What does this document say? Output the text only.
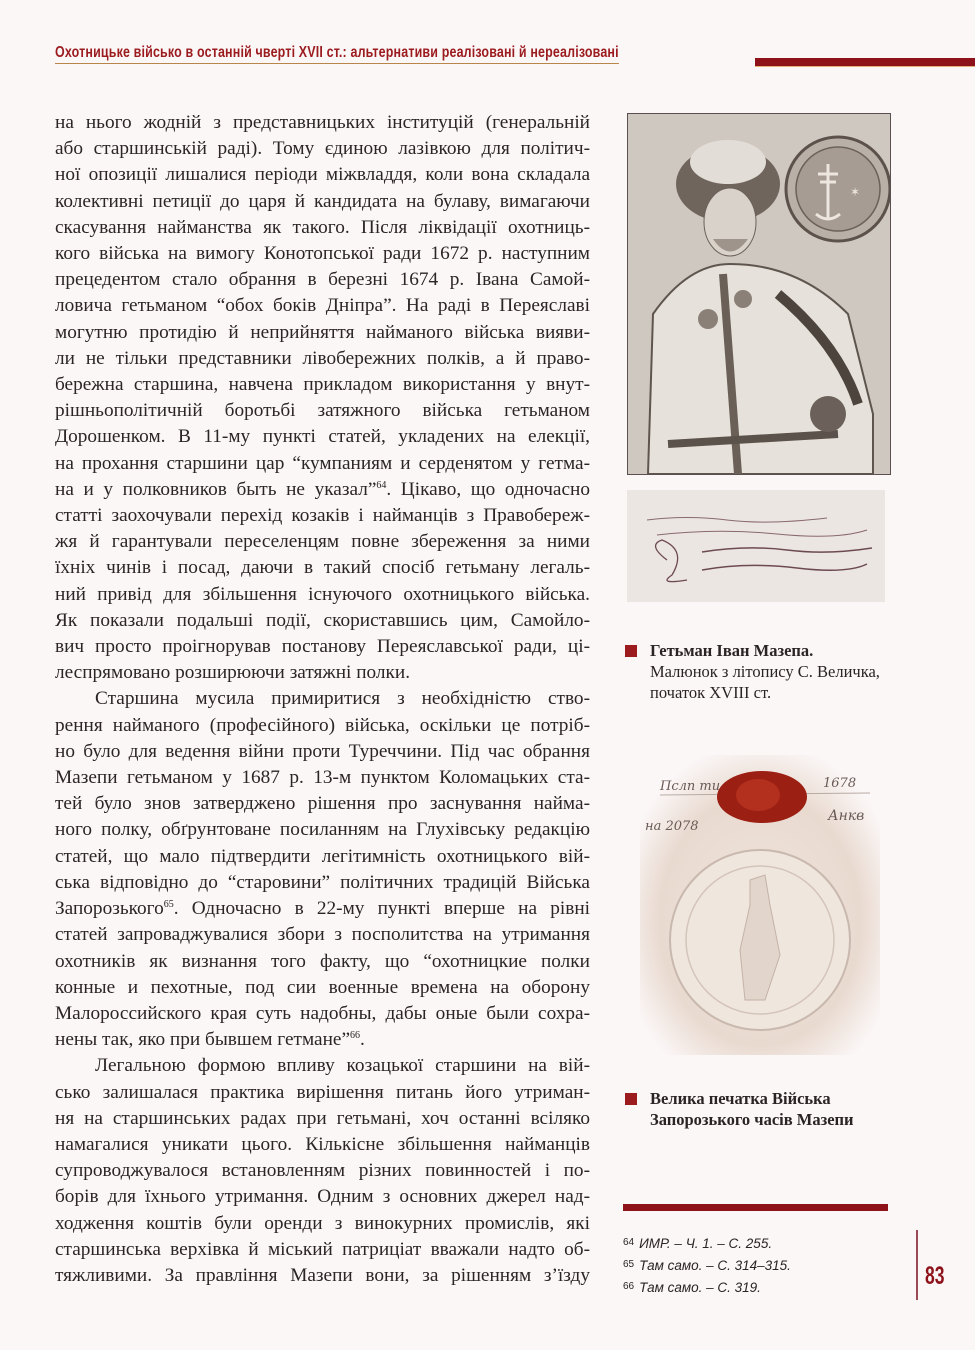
Охотницьке військо в останній чверті XVII ст.: альтернативи реалізовані й нереалізовані

на нього жодній з представницьких інституцій (генеральній
або старшинській раді). Тому єдиною лазівкою для політич-
ної опозиції лишалися періоди міжвладдя, коли вона складала
колективні петиції до царя й кандидата на булаву, вимагаючи
скасування найманства як такого. Після ліквідації охотниць-
кого війська на вимогу Конотопської ради 1672 р. наступним
прецедентом стало обрання в березні 1674 р. Івана Самой-
ловича гетьманом “обох боків Дніпра”. На раді в Переяславі
могутню протидію й неприйняття найманого війська вияви-
ли не тільки представники лівобережних полків, а й право-
бережна старшина, навчена прикладом використання у внут-
рішньополітичній боротьбі затяжного війська гетьманом
Дорошенком. В 11-му пункті статей, укладених на елекції,
на прохання старшини цар “кумпаниям и серденятом у гетма-
на и у полковников быть не указал”$^{64}$. Цікаво, що одночасно
статті заохочували перехід козаків і найманців з Правобереж-
жя й гарантували переселенцям повне збереження за ними
їхніх чинів і посад, даючи в такий спосіб гетьману легаль-
ний привід для збільшення існуючого охотницького війська.
Як показали подальші події, скориставшись цим, Самойло-
вич просто проігнорував постанову Переяславської ради, ці-
леспрямовано розширюючи затяжні полки.

Старшина мусила примиритися з необхідністю ство-
рення найманого (професійного) війська, оскільки це потріб-
но було для ведення війни проти Туреччини. Під час обрання
Мазепи гетьманом у 1687 р. 13-м пунктом Коломацьких ста-
тей було знов затверджено рішення про заснування найма-
ного полку, обґрунтоване посиланням на Глухівську редакцію
статей, що мало підтвердити легітимність охотницького вій-
ська відповідно до “старовини” політичних традицій Війська
Запорозького$^{65}$. Одночасно в 22-му пункті вперше на рівні
статей запроваджувалися збори з посполитства на утримання
охотників як визнання того факту, що “охотницкие полки
конные и пехотные, под сии военные времена на оборону
Малороссийского края суть надобны, дабы оные были сохра-
нены так, яко при бывшем гетмане”$^{66}$.

Легальною формою впливу козацької старшини на вій-
сько залишалася практика вирішення питань його утриман-
ня на старшинських радах при гетьмані, хоч останні всіляко
намагалися уникати цього. Кількісне збільшення найманців
супроводжувалося встановленням різних повинностей і по-
борів для їхнього утримання. Одним з основних джерел над-
ходження коштів були оренди з винокурних промислів, які
старшинська верхівка й міський патриціат вважали надто об-
тяжливими. За правління Мазепи вони, за рішенням з’їзду

✶
Гетьман Іван Мазепа.
Малюнок з літопису С. Величка,
початок XVIII ст.
Пслп ти	1678
на 2078
Анкв
Велика печатка Війська
Запорозького часів Мазепи
$^{64}$ ИМР. – Ч. 1. – С. 255.
$^{65}$ Там само. – С. 314–315.
$^{66}$ Там само. – С. 319.	83
